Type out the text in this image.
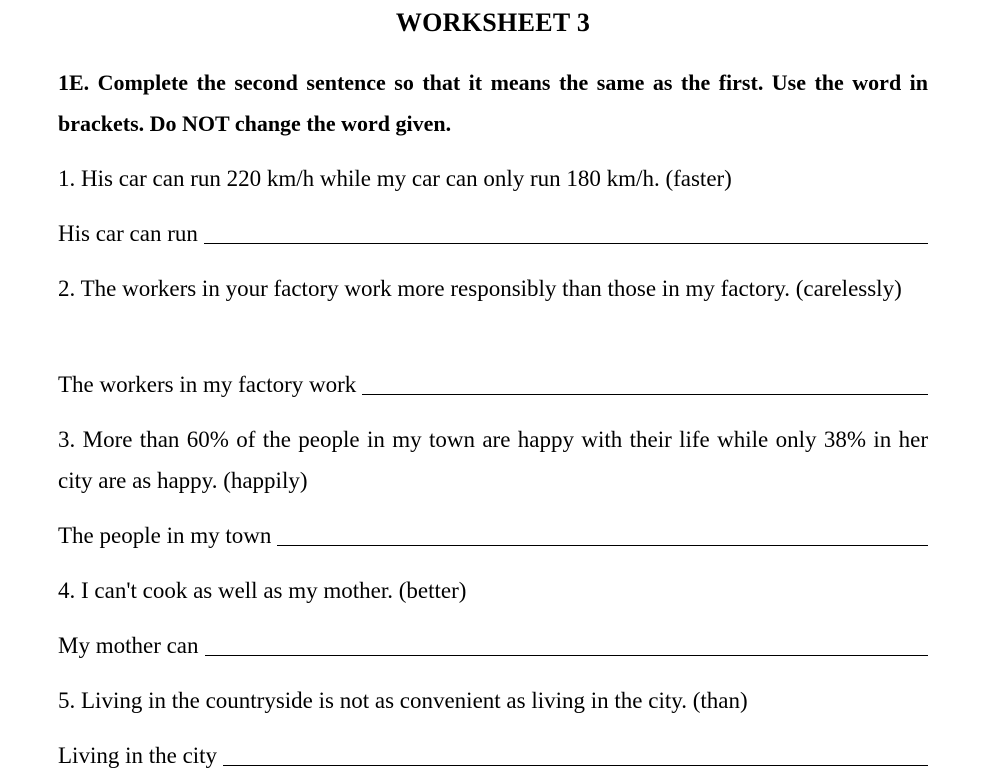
WORKSHEET 3
1E. Complete the second sentence so that it means the same as the first. Use the word in brackets. Do NOT change the word given.
1. His car can run 220 km/h while my car can only run 180 km/h. (faster)
His car can run
2. The workers in your factory work more responsibly than those in my factory. (carelessly)
The workers in my factory work
3. More than 60% of the people in my town are happy with their life while only 38% in her city are as happy. (happily)
The people in my town
4. I can't cook as well as my mother. (better)
My mother can
5. Living in the countryside is not as convenient as living in the city. (than)
Living in the city
